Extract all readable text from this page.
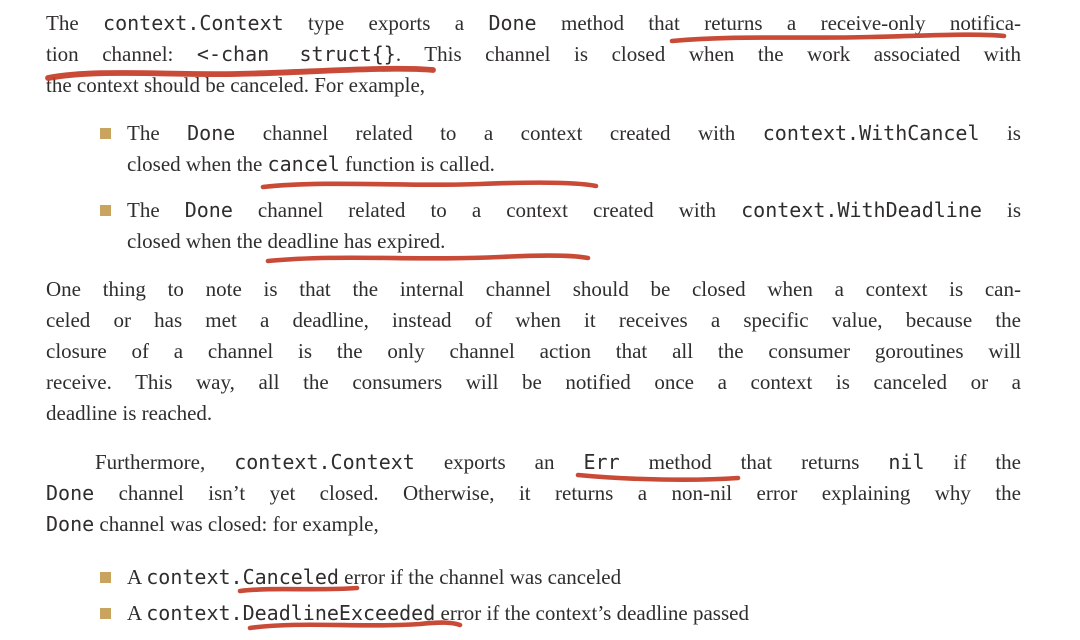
The context.Context type exports a Done method that returns a receive-only notifica-
tion channel: <-chan struct{}. This channel is closed when the work associated with
the context should be canceled. For example,
The Done channel related to a context created with context.WithCancel is
closed when the cancel function is called.
The Done channel related to a context created with context.WithDeadline is
closed when the deadline has expired.
One thing to note is that the internal channel should be closed when a context is can-
celed or has met a deadline, instead of when it receives a specific value, because the
closure of a channel is the only channel action that all the consumer goroutines will
receive. This way, all the consumers will be notified once a context is canceled or a
deadline is reached.
Furthermore, context.Context exports an Err method that returns nil if the
Done channel isn’t yet closed. Otherwise, it returns a non-nil error explaining why the
Done channel was closed: for example,
A context.Canceled error if the channel was canceled
A context.DeadlineExceeded error if the context’s deadline passed
